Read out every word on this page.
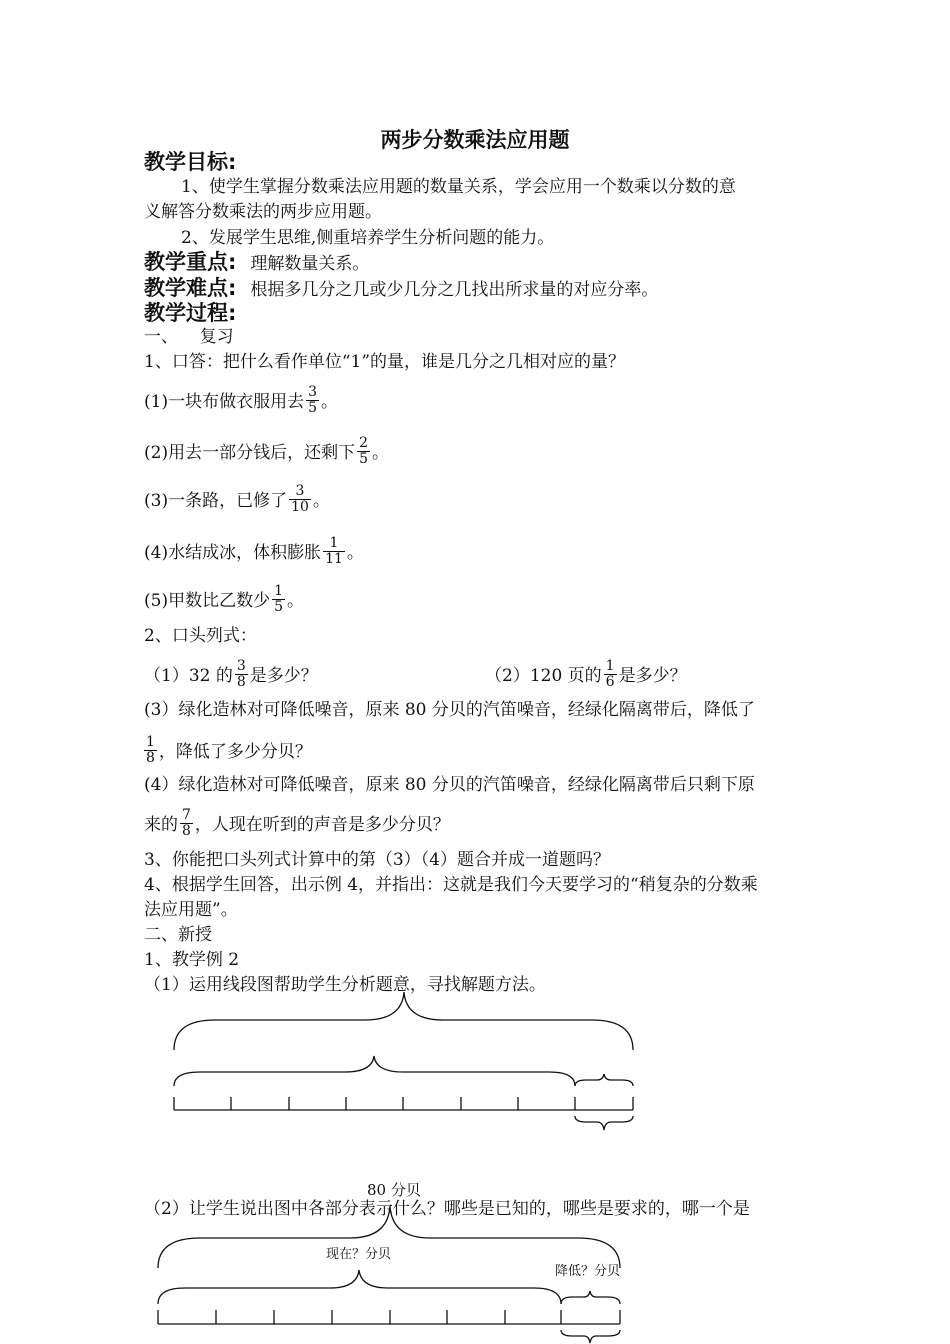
两步分数乘法应用题
教学目标:
1、使学生掌握分数乘法应用题的数量关系，学会应用一个数乘以分数的意
义解答分数乘法的两步应用题。
2、发展学生思维,侧重培养学生分析问题的能力。
教学重点: 理解数量关系。
教学难点: 根据多几分之几或少几分之几找出所求量的对应分率。
教学过程:
一、    复习
1、口答：把什么看作单位“1”的量，谁是几分之几相对应的量？
(1)一块布做衣服用去 $\frac{3}{5}$ 。
(2)用去一部分钱后，还剩下 $\frac{2}{5}$ 。
(3)一条路，已修了 $\frac{3}{10}$ 。
(4)水结成冰，体积膨胀 $\frac{1}{11}$ 。
(5)甲数比乙数少 $\frac{1}{5}$ 。
2、口头列式：
（1）32 的 $\frac{3}{8}$ 是多少？	（2）120 页的 $\frac{1}{6}$ 是多少？
(3）绿化造林对可降低噪音，原来 80 分贝的汽笛噪音，经绿化隔离带后，降低了
$\frac{1}{8}$ ，降低了多少分贝？
(4）绿化造林对可降低噪音，原来 80 分贝的汽笛噪音，经绿化隔离带后只剩下原
来的 $\frac{7}{8}$ ，人现在听到的声音是多少分贝？
3、你能把口头列式计算中的第（3）（4）题合并成一道题吗？
4、根据学生回答，出示例 4，并指出：这就是我们今天要学习的“稍复杂的分数乘
法应用题”。
二、新授
1、教学例 2
（1）运用线段图帮助学生分析题意，寻找解题方法。
80 分贝
（2）让学生说出图中各部分表示什么？哪些是已知的，哪些是要求的，哪一个是
现在？分贝
降低？分贝
